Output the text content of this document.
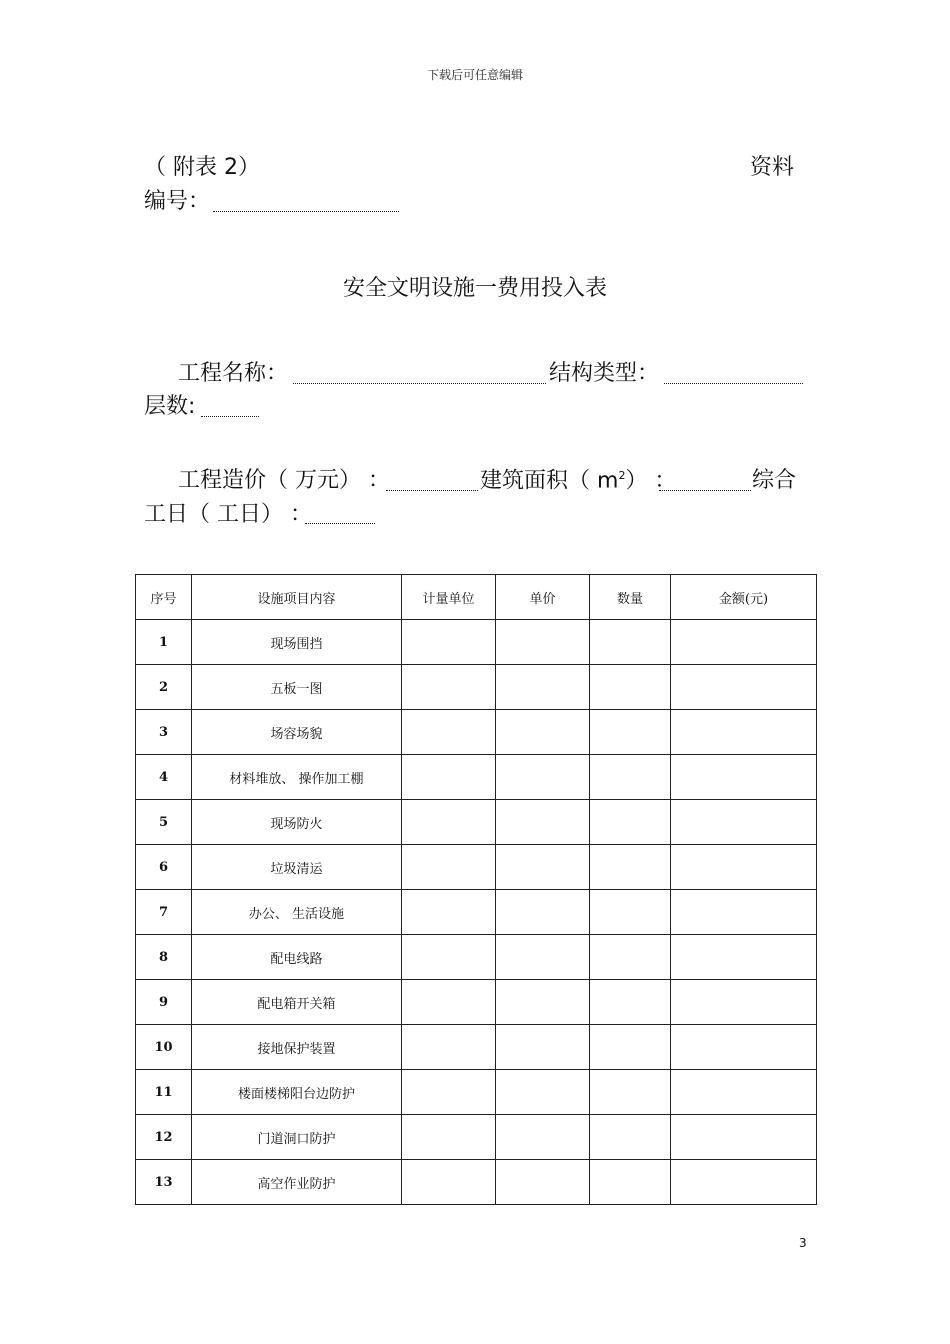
下载后可任意编辑
（ 附表 2）	资料
编号：
安全文明设施一费用投入表
工程名称：	结构类型：
层数:
工程造价（ 万元） ：	建筑面积（ $m^2$） ：	综合
工日（ 工日） ：
序号	设施项目内容	计量单位	单价	数量	金额(元)
1	现场围挡				
2	五板一图				
3	场容场貌				
4	材料堆放、 操作加工棚				
5	现场防火				
6	垃圾清运				
7	办公、 生活设施				
8	配电线路				
9	配电箱开关箱				
10	接地保护装置				
11	楼面楼梯阳台边防护				
12	门道洞口防护				
13	高空作业防护				
3
